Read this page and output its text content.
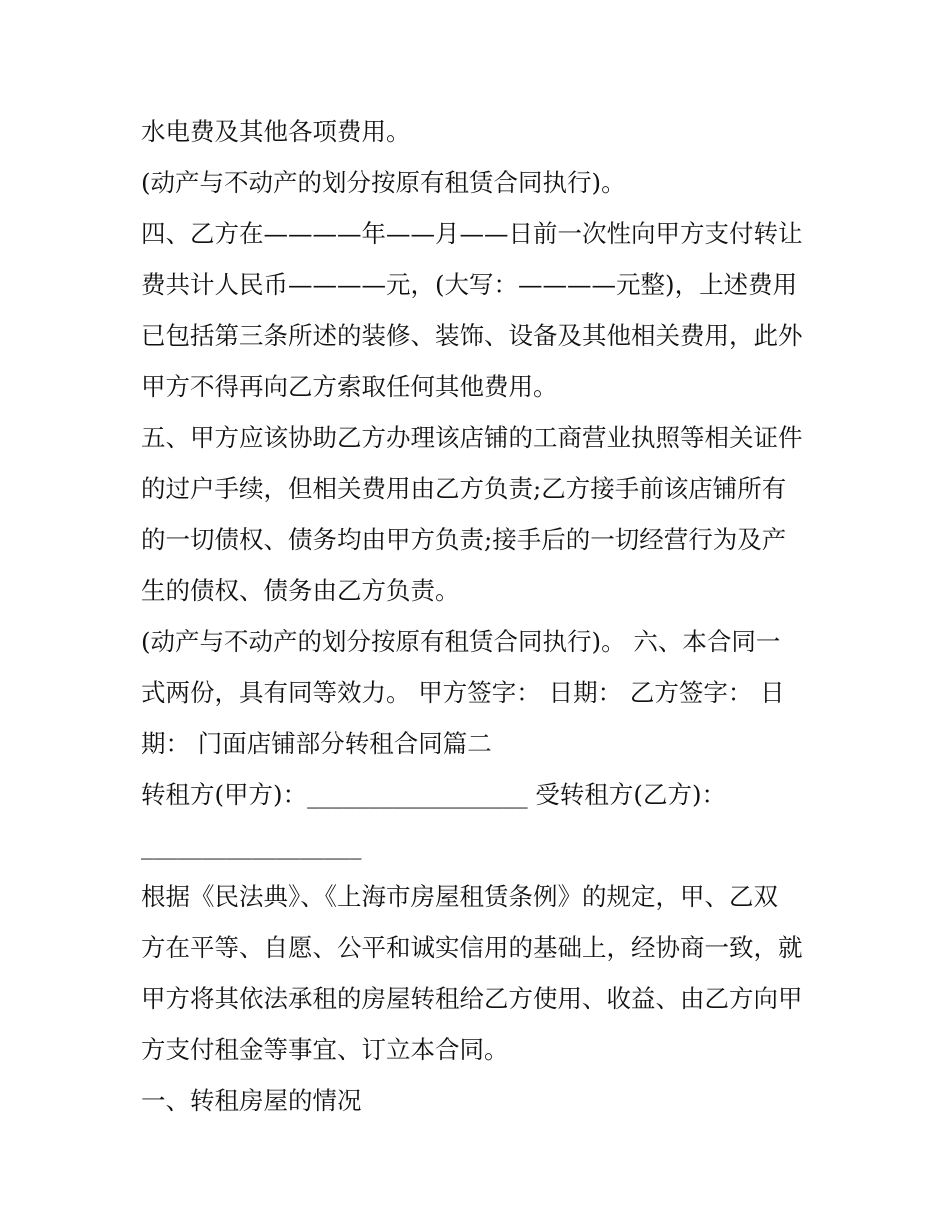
水电费及其他各项费用。
(动产与不动产的划分按原有租赁合同执行)。
四、乙方在————年——月——日前一次性向甲方支付转让
费共计人民币————元，(大写：————元整)，上述费用
已包括第三条所述的装修、装饰、设备及其他相关费用，此外
甲方不得再向乙方索取任何其他费用。
五、甲方应该协助乙方办理该店铺的工商营业执照等相关证件
的过户手续，但相关费用由乙方负责;乙方接手前该店铺所有
的一切债权、债务均由甲方负责;接手后的一切经营行为及产
生的债权、债务由乙方负责。
(动产与不动产的划分按原有租赁合同执行)。 六、本合同一
式两份，具有同等效力。 甲方签字： 日期： 乙方签字： 日
期： 门面店铺部分转租合同篇二
转租方(甲方)：__________________ 受转租方(乙方)：
__________________
根据《民法典》、《上海市房屋租赁条例》的规定，甲、乙双
方在平等、自愿、公平和诚实信用的基础上，经协商一致，就
甲方将其依法承租的房屋转租给乙方使用、收益、由乙方向甲
方支付租金等事宜、订立本合同。
一、转租房屋的情况
